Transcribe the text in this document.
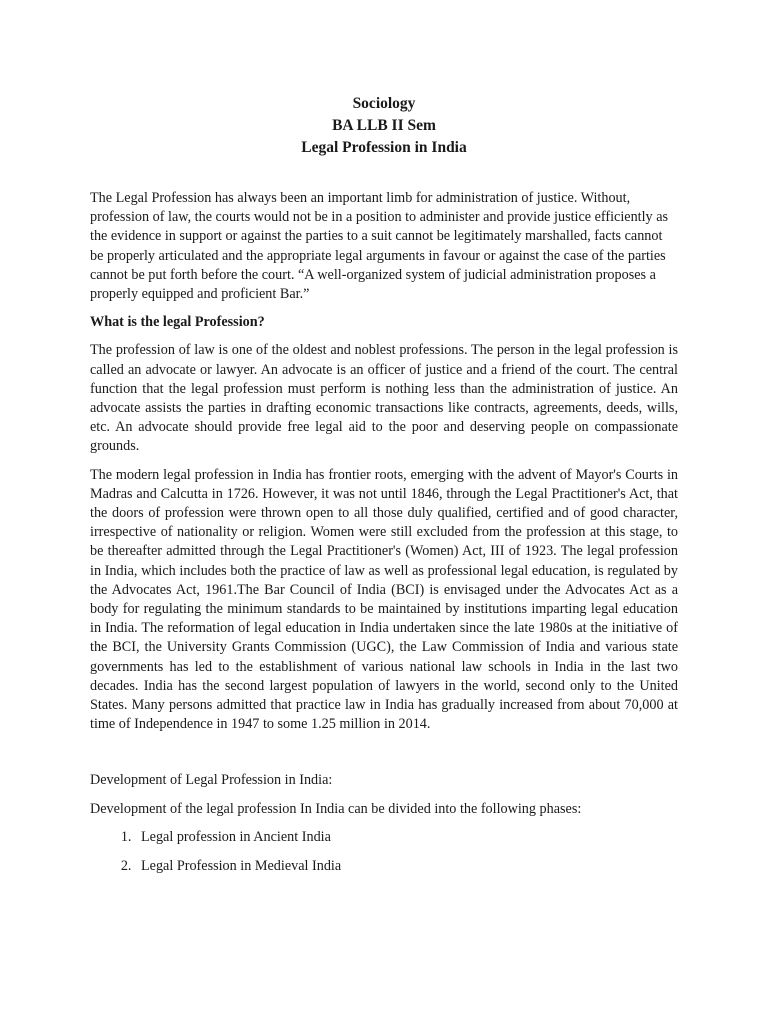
Sociology
BA LLB II Sem
Legal Profession in India

The Legal Profession has always been an important limb for administration of justice. Without, profession of law, the courts would not be in a position to administer and provide justice efficiently as the evidence in support or against the parties to a suit cannot be legitimately marshalled, facts cannot be properly articulated and the appropriate legal arguments in favour or against the case of the parties cannot be put forth before the court. “A well-organized system of judicial administration proposes a properly equipped and proficient Bar.”

What is the legal Profession?

The profession of law is one of the oldest and noblest professions. The person in the legal profession is called an advocate or lawyer. An advocate is an officer of justice and a friend of the court. The central function that the legal profession must perform is nothing less than the administration of justice. An advocate assists the parties in drafting economic transactions like contracts, agreements, deeds, wills, etc. An advocate should provide free legal aid to the poor and deserving people on compassionate grounds.

The modern legal profession in India has frontier roots, emerging with the advent of Mayor's Courts in Madras and Calcutta in 1726. However, it was not until 1846, through the Legal Practitioner's Act, that the doors of profession were thrown open to all those duly qualified, certified and of good character, irrespective of nationality or religion. Women were still excluded from the profession at this stage, to be thereafter admitted through the Legal Practitioner's (Women) Act, III of 1923. The legal profession in India, which includes both the practice of law as well as professional legal education, is regulated by the Advocates Act, 1961.The Bar Council of India (BCI) is envisaged under the Advocates Act as a body for regulating the minimum standards to be maintained by institutions imparting legal education in India. The reformation of legal education in India undertaken since the late 1980s at the initiative of the BCI, the University Grants Commission (UGC), the Law Commission of India and various state governments has led to the establishment of various national law schools in India in the last two decades. India has the second largest population of lawyers in the world, second only to the United States. Many persons admitted that practice law in India has gradually increased from about 70,000 at time of Independence in 1947 to some 1.25 million in 2014.

Development of Legal Profession in India:

Development of the legal profession In India can be divided into the following phases:

1. Legal profession in Ancient India
2. Legal Profession in Medieval India
